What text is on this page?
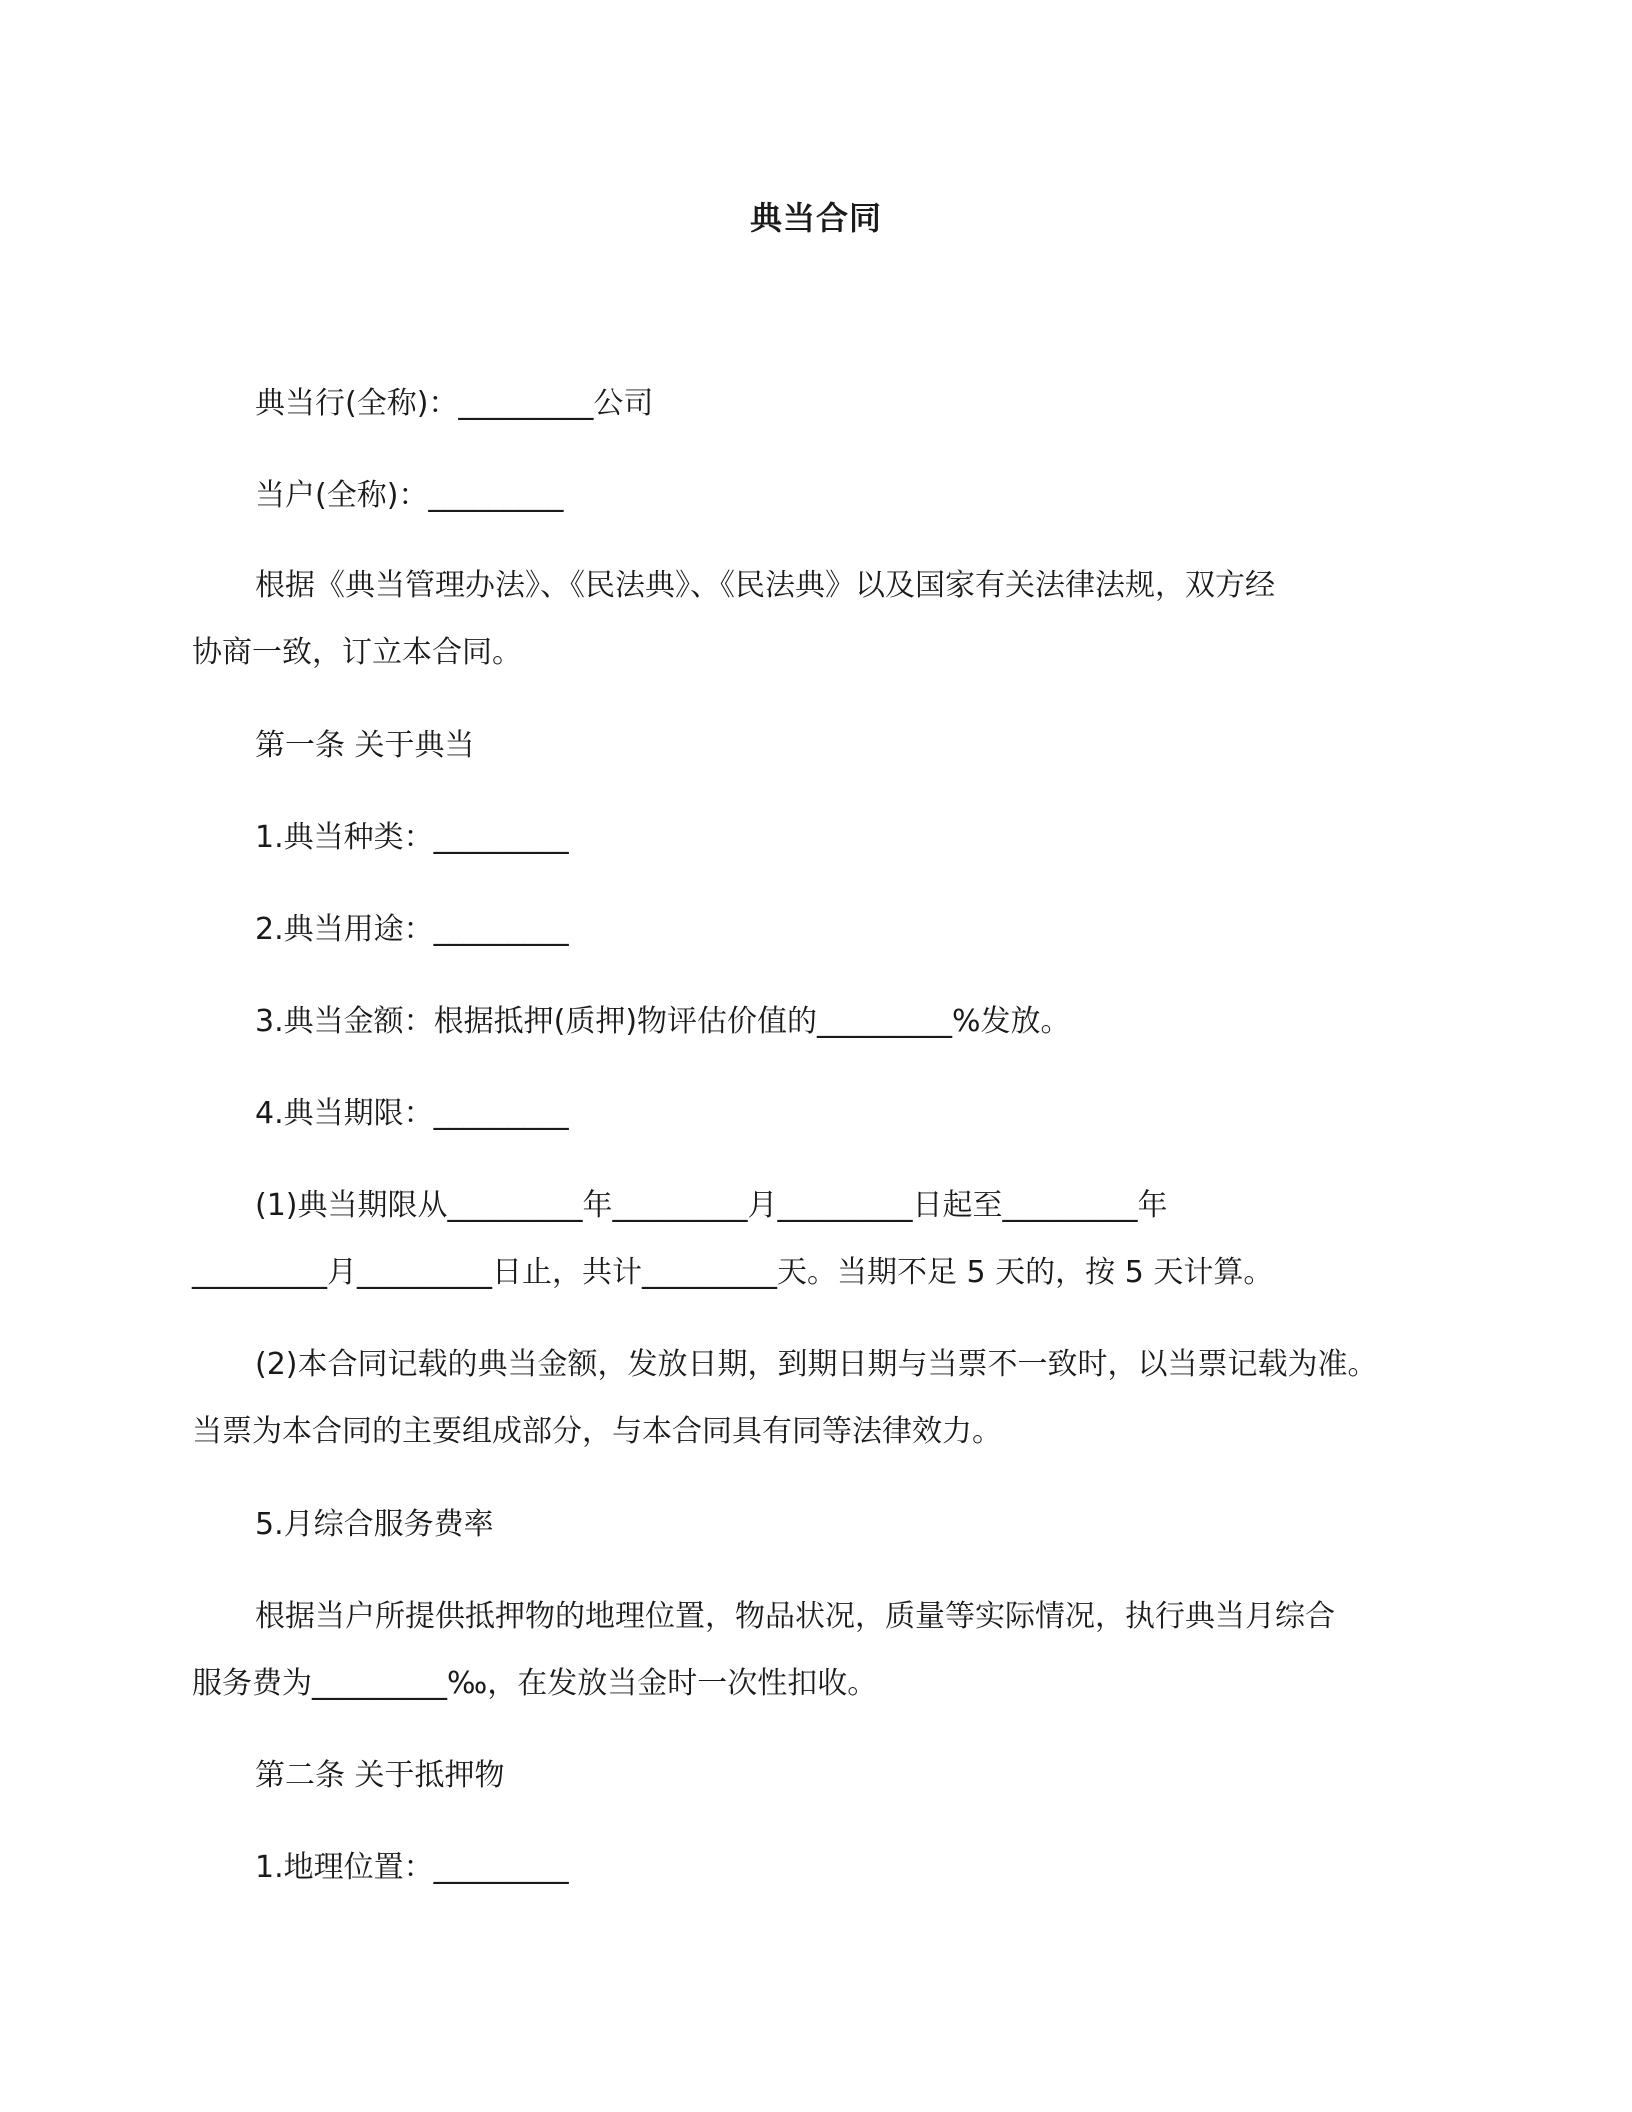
典当合同
典当行(全称)：_________公司
当户(全称)：_________
根据《典当管理办法》、《民法典》、《民法典》以及国家有关法律法规，双方经
协商一致，订立本合同。
第一条 关于典当
1.典当种类：_________
2.典当用途：_________
3.典当金额：根据抵押(质押)物评估价值的_________%发放。
4.典当期限：_________
(1)典当期限从_________年_________月_________日起至_________年
_________月_________日止，共计_________天。当期不足 5 天的，按 5 天计算。
(2)本合同记载的典当金额，发放日期，到期日期与当票不一致时，以当票记载为准。
当票为本合同的主要组成部分，与本合同具有同等法律效力。
5.月综合服务费率
根据当户所提供抵押物的地理位置，物品状况，质量等实际情况，执行典当月综合
服务费为_________‰，在发放当金时一次性扣收。
第二条 关于抵押物
1.地理位置：_________
